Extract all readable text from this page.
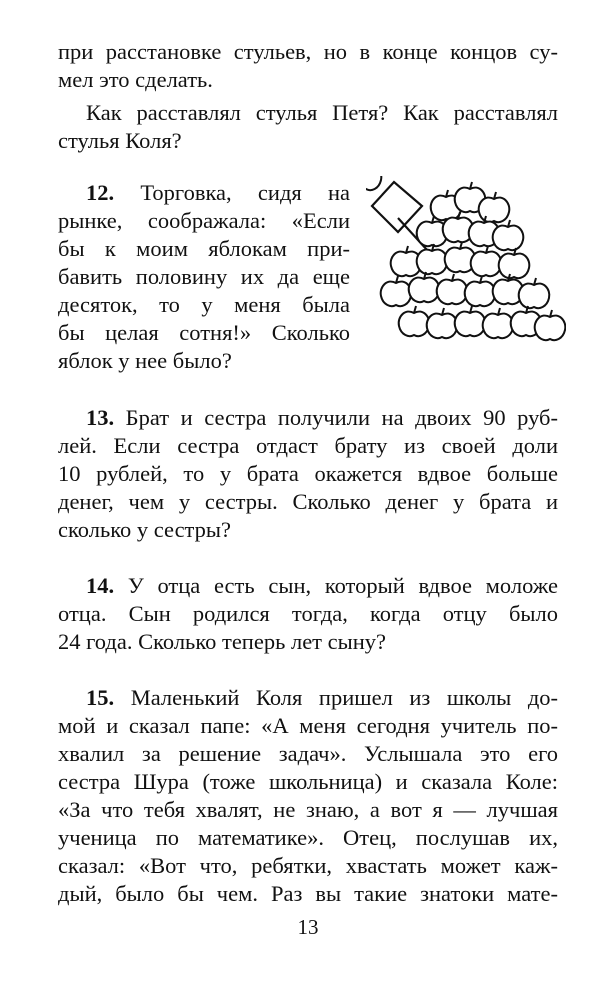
при расстановке стульев, но в конце концов су-
мел это сделать.
Как расставлял стулья Петя? Как расставлял
стулья Коля?
12. Торговка, сидя на
рынке, соображала: «Если
бы к моим яблокам при-
бавить половину их да еще
десяток, то у меня была
бы целая сотня!» Сколько
яблок у нее было?
13. Брат и сестра получили на двоих 90 руб-
лей. Если сестра отдаст брату из своей доли
10 рублей, то у брата окажется вдвое больше
денег, чем у сестры. Сколько денег у брата и
сколько у сестры?
14. У отца есть сын, который вдвое моложе
отца. Сын родился тогда, когда отцу было
24 года. Сколько теперь лет сыну?
15. Маленький Коля пришел из школы до-
мой и сказал папе: «А меня сегодня учитель по-
хвалил за решение задач». Услышала это его
сестра Шура (тоже школьница) и сказала Коле:
«За что тебя хвалят, не знаю, а вот я — лучшая
ученица по математике». Отец, послушав их,
сказал: «Вот что, ребятки, хвастать может каж-
дый, было бы чем. Раз вы такие знатоки мате-
13
